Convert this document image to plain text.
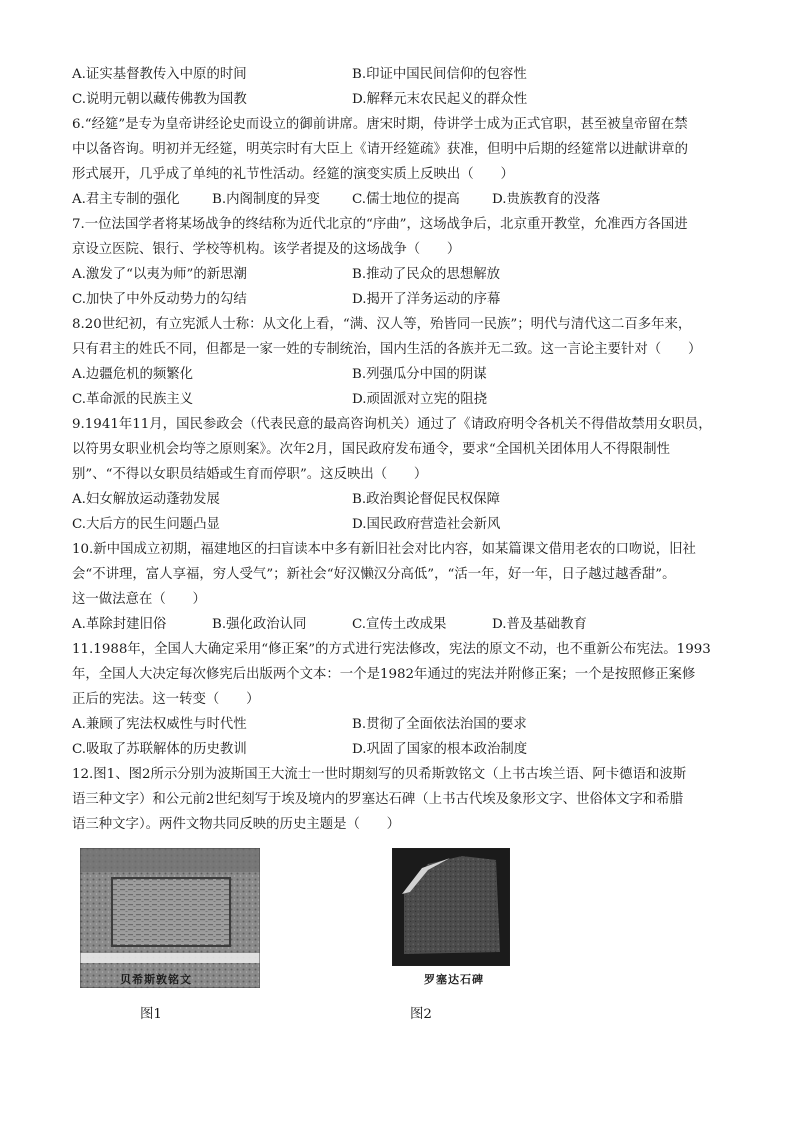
A.证实基督教传入中原的时间	B.印证中国民间信仰的包容性
C.说明元朝以藏传佛教为国教	D.解释元末农民起义的群众性
6.“经筵”是专为皇帝讲经论史而设立的御前讲席。唐宋时期，侍讲学士成为正式官职，甚至被皇帝留在禁
中以备咨询。明初并无经筵，明英宗时有大臣上《请开经筵疏》获准，但明中后期的经筵常以进献讲章的
形式展开，几乎成了单纯的礼节性活动。经筵的演变实质上反映出（　　）
A.君主专制的强化 B.内阁制度的异变 C.儒士地位的提高 D.贵族教育的没落
7.一位法国学者将某场战争的终结称为近代北京的“序曲”，这场战争后，北京重开教堂，允准西方各国进
京设立医院、银行、学校等机构。该学者提及的这场战争（　　）
A.激发了“以夷为师”的新思潮	B.推动了民众的思想解放
C.加快了中外反动势力的勾结	D.揭开了洋务运动的序幕
8.20世纪初，有立宪派人士称：从文化上看，“满、汉人等，殆皆同一民族”；明代与清代这二百多年来，
只有君主的姓氏不同，但都是一家一姓的专制统治，国内生活的各族并无二致。这一言论主要针对（　　）
A.边疆危机的频繁化	B.列强瓜分中国的阴谋
C.革命派的民族主义	D.顽固派对立宪的阻挠
9.1941年11月，国民参政会（代表民意的最高咨询机关）通过了《请政府明令各机关不得借故禁用女职员，
以符男女职业机会均等之原则案》。次年2月，国民政府发布通令，要求“全国机关团体用人不得限制性
别”、“不得以女职员结婚或生育而停职”。这反映出（　　）
A.妇女解放运动蓬勃发展	B.政治舆论督促民权保障
C.大后方的民生问题凸显	D.国民政府营造社会新风
10.新中国成立初期，福建地区的扫盲读本中多有新旧社会对比内容，如某篇课文借用老农的口吻说，旧社
会“不讲理，富人享福，穷人受气”；新社会“好汉懒汉分高低”，“活一年，好一年，日子越过越香甜”。
这一做法意在（　　）
A.革除封建旧俗	B.强化政治认同	C.宣传土改成果	D.普及基础教育
11.1988年，全国人大确定采用“修正案”的方式进行宪法修改，宪法的原文不动，也不重新公布宪法。1993
年，全国人大决定每次修宪后出版两个文本：一个是1982年通过的宪法并附修正案；一个是按照修正案修
正后的宪法。这一转变（　　）
A.兼顾了宪法权威性与时代性	B.贯彻了全面依法治国的要求
C.吸取了苏联解体的历史教训	D.巩固了国家的根本政治制度
12.图1、图2所示分别为波斯国王大流士一世时期刻写的贝希斯敦铭文（上书古埃兰语、阿卡德语和波斯
语三种文字）和公元前2世纪刻写于埃及境内的罗塞达石碑（上书古代埃及象形文字、世俗体文字和希腊
语三种文字）。两件文物共同反映的历史主题是（　　）
贝希斯敦铭文
图1
罗塞达石碑
图2
